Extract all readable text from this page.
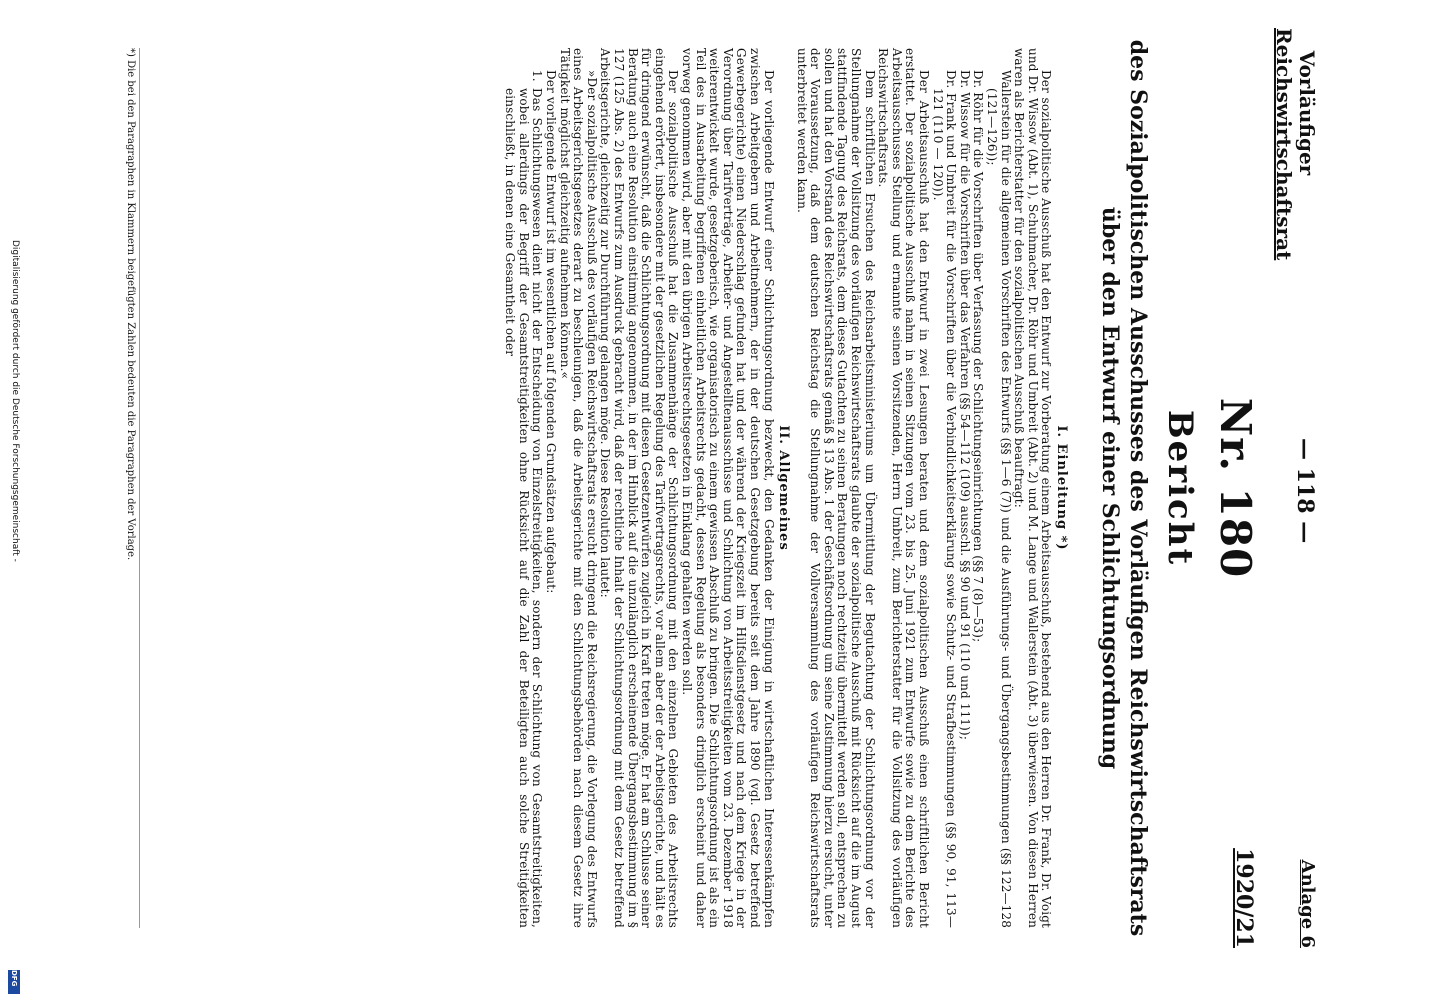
Vorläufiger
Reichswirtschaftsrat
— 118 —
Anlage 6
1920/21
Nr. 180
Bericht
des Sozialpolitischen Ausschusses des Vorläufigen Reichswirtschaftsrats
über den Entwurf einer Schlichtungsordnung
I. Einleitung *)

Der sozialpolitische Ausschuß hat den Entwurf zur Vorberatung einem Arbeitsausschuß, bestehend aus den Herren Dr. Frank, Dr. Voigt und Dr. Wissow (Abt. 1), Schuhmacher, Dr. Röhr und Umbreit (Abt. 2) und M. Lange und Wallerstein (Abt. 3) überwiesen. Von diesen Herren waren als Berichterstatter für den sozialpolitischen Ausschuß beauftragt:

Wallerstein für die allgemeinen Vorschriften des Entwurfs (§§ 1—6 (7)) und die Ausführungs- und Übergangsbestimmungen (§§ 122—128 (121—126));

Dr. Röhr für die Vorschriften über Verfassung der Schlichtungseinrichtungen (§§ 7 (8)—53);

Dr. Wissow für die Vorschriften über das Verfahren (§§ 54—112 (109) ausschl. §§ 90 und 91 (110 und 111));

Dr. Frank und Umbreit für die Vorschriften über die Verbindlichkeitserklärung sowie Schutz- und Strafbestimmungen (§§ 90, 91, 113—121 (110 — 120)).

Der Arbeitsausschuß hat den Entwurf in zwei Lesungen beraten und dem sozialpolitischen Ausschuß einen schriftlichen Bericht erstattet. Der sozialpolitische Ausschuß nahm in seinen Sitzungen vom 23. bis 25. Juni 1921 zum Entwurfe sowie zu dem Berichte des Arbeitsausschusses Stellung und ernannte seinen Vorsitzenden, Herrn Umbreit, zum Berichterstatter für die Vollsitzung des vorläufigen Reichswirtschaftsrats.

Dem schriftlichen Ersuchen des Reichsarbeitsministeriums um Übermittlung der Begutachtung der Schlichtungsordnung vor der Stellungnahme der Vollsitzung des vorläufigen Reichswirtschaftsrats glaubte der sozialpolitische Ausschuß mit Rücksicht auf die im August stattfindende Tagung des Reichsrats, dem dieses Gutachten zu seinen Beratungen noch rechtzeitig übermittelt werden soll, entsprechen zu sollen und hat den Vorstand des Reichswirtschaftsrats gemäß § 13 Abs. 1 der Geschäftsordnung um seine Zustimmung hierzu ersucht, unter der Voraussetzung, daß dem deutschen Reichstag die Stellungnahme der Vollversammlung des vorläufigen Reichswirtschaftsrats unterbreitet werden kann.

II. Allgemeines

Der vorliegende Entwurf einer Schlichtungsordnung bezweckt, den Gedanken der Einigung in wirtschaftlichen Interessenkämpfen zwischen Arbeitgebern und Arbeitnehmern, der in der deutschen Gesetzgebung bereits seit dem Jahre 1890 (vgl. Gesetz betreffend Gewerbegerichte) einen Niederschlag gefunden hat und der während der Kriegszeit im Hilfsdienstgesetz und nach dem Kriege in der Verordnung über Tarifverträge, Arbeiter- und Angestelltenausschüsse und Schlichtung von Arbeitsstreitigkeiten vom 23. Dezember 1918 weiterentwickelt wurde, gesetzgeberisch, wie organisatorisch zu einem gewissen Abschluß zu bringen. Die Schlichtungsordnung ist als ein Teil des in Ausarbeitung begriffenen einheitlichen Arbeitsrechts gedacht, dessen Regelung als besonders dringlich erscheint und daher vorweg genommen wird, aber mit den übrigen Arbeitsrechtsgesetzen in Einklang gehalten werden soll.

Der sozialpolitische Ausschuß hat die Zusammenhänge der Schlichtungsordnung mit den einzelnen Gebieten des Arbeitsrechts eingehend erörtert, insbesondere mit der gesetzlichen Regelung des Tarifvertragsrechts, vor allem aber der der Arbeitsgerichte, und hält es für dringend erwünscht, daß die Schlichtungsordnung mit diesen Gesetzentwürfen zugleich in Kraft treten möge. Er hat am Schlusse seiner Beratung auch eine Resolution einstimmig angenommen, in der im Hinblick auf die unzulänglich erscheinende Übergangsbestimmung im § 127 (125 Abs. 2) des Entwurfs zum Ausdruck gebracht wird, daß der rechtliche Inhalt der Schlichtungsordnung mit dem Gesetz betreffend Arbeitsgerichte, gleichzeitig zur Durchführung gelangen möge. Diese Resolution lautet:

»Der sozialpolitische Ausschuß des vorläufigen Reichswirtschaftsrats ersucht dringend die Reichsregierung, die Vorlegung des Entwurfs eines Arbeitsgerichtsgesetzes derart zu beschleunigen, daß die Arbeitsgerichte mit den Schlichtungsbehörden nach diesem Gesetz ihre Tätigkeit möglichst gleichzeitig aufnehmen können.«

Der vorliegende Entwurf ist im wesentlichen auf folgenden Grundsätzen aufgebaut:

1. Das Schlichtungswesen dient nicht der Entscheidung von Einzelstreitigkeiten, sondern der Schlichtung von Gesamtstreitigkeiten, wobei allerdings der Begriff der Gesamtstreitigkeiten ohne Rücksicht auf die Zahl der Beteiligten auch solche Streitigkeiten einschließt, in denen eine Gesamtheit oder

*) Die bei den Paragraphen in Klammern beigefügten Zahlen bedeuten die Paragraphen der Vorlage.
Digitalisierung gefördert durch die Deutsche Forschungsgemeinschaft -
DFG
